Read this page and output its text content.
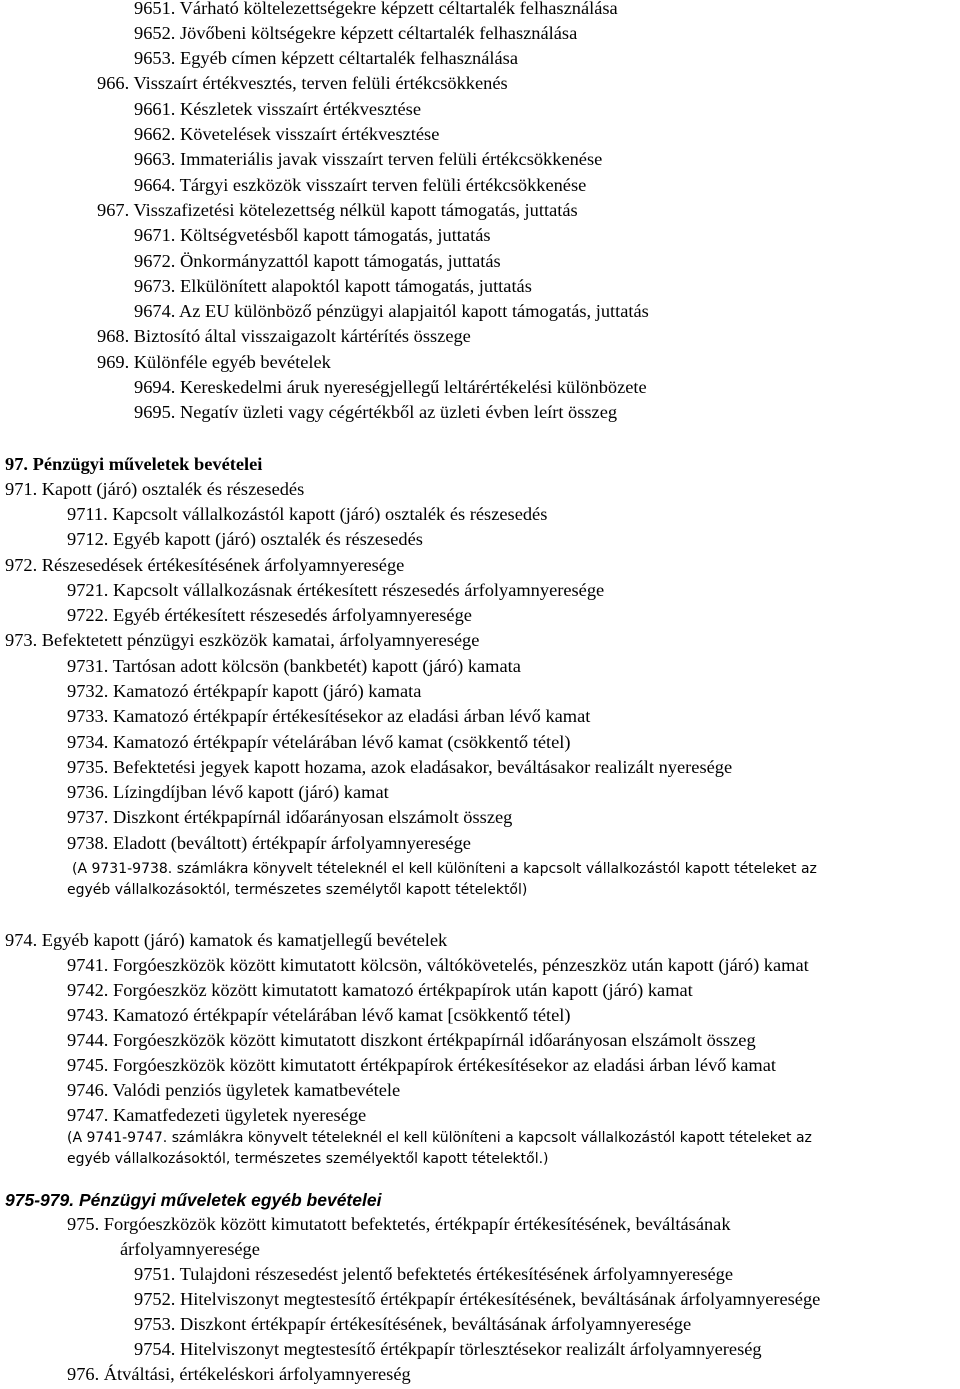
9651. Várható költelezettségekre képzett céltartalék felhasználása
9652. Jövőbeni költségekre képzett céltartalék felhasználása
9653. Egyéb címen képzett céltartalék felhasználása
966. Visszaírt értékvesztés, terven felüli értékcsökkenés
9661. Készletek visszaírt értékvesztése
9662. Követelések visszaírt értékvesztése
9663. Immateriális javak visszaírt terven felüli értékcsökkenése
9664. Tárgyi eszközök visszaírt terven felüli értékcsökkenése
967. Visszafizetési kötelezettség nélkül kapott támogatás, juttatás
9671. Költségvetésből kapott támogatás, juttatás
9672. Önkormányzattól kapott támogatás, juttatás
9673. Elkülönített alapoktól kapott támogatás, juttatás
9674. Az EU különböző pénzügyi alapjaitól kapott támogatás, juttatás
968. Biztosító által visszaigazolt kártérítés összege
969. Különféle egyéb bevételek
9694. Kereskedelmi áruk nyereségjellegű leltárértékelési különbözete
9695. Negatív üzleti vagy cégértékből az üzleti évben leírt összeg
97. Pénzügyi műveletek bevételei
971. Kapott (járó) osztalék és részesedés
9711. Kapcsolt vállalkozástól kapott (járó) osztalék és részesedés
9712. Egyéb kapott (járó) osztalék és részesedés
972. Részesedések értékesítésének árfolyamnyeresége
9721. Kapcsolt vállalkozásnak értékesített részesedés árfolyamnyeresége
9722. Egyéb értékesített részesedés árfolyamnyeresége
973. Befektetett pénzügyi eszközök kamatai, árfolyamnyeresége
9731. Tartósan adott kölcsön (bankbetét) kapott (járó) kamata
9732. Kamatozó értékpapír kapott (járó) kamata
9733. Kamatozó értékpapír értékesítésekor az eladási árban lévő kamat
9734. Kamatozó értékpapír vételárában lévő kamat (csökkentő tétel)
9735. Befektetési jegyek kapott hozama, azok eladásakor, beváltásakor realizált nyeresége
9736. Lízingdíjban lévő kapott (járó) kamat
9737. Diszkont értékpapírnál időarányosan elszámolt összeg
9738. Eladott (beváltott) értékpapír árfolyamnyeresége
(A 9731-9738. számlákra könyvelt tételeknél el kell különíteni a kapcsolt vállalkozástól kapott tételeket az
egyéb vállalkozásoktól, természetes személytől kapott tételektől)
974. Egyéb kapott (járó) kamatok és kamatjellegű bevételek
9741. Forgóeszközök között kimutatott kölcsön, váltókövetelés, pénzeszköz után kapott (járó) kamat
9742. Forgóeszköz között kimutatott kamatozó értékpapírok után kapott (járó) kamat
9743. Kamatozó értékpapír vételárában lévő kamat [csökkentő tétel)
9744. Forgóeszközök között kimutatott diszkont értékpapírnál időarányosan elszámolt összeg
9745. Forgóeszközök között kimutatott értékpapírok értékesítésekor az eladási árban lévő kamat
9746. Valódi penziós ügyletek kamatbevétele
9747. Kamatfedezeti ügyletek nyeresége
(A 9741-9747. számlákra könyvelt tételeknél el kell különíteni a kapcsolt vállalkozástól kapott tételeket az
egyéb vállalkozásoktól, természetes személyektől kapott tételektől.)
975-979. Pénzügyi műveletek egyéb bevételei
975. Forgóeszközök között kimutatott befektetés, értékpapír értékesítésének, beváltásának
árfolyamnyeresége
9751. Tulajdoni részesedést jelentő befektetés értékesítésének árfolyamnyeresége
9752. Hitelviszonyt megtestesítő értékpapír értékesítésének, beváltásának árfolyamnyeresége
9753. Diszkont értékpapír értékesítésének, beváltásának árfolyamnyeresége
9754. Hitelviszonyt megtestesítő értékpapír törlesztésekor realizált árfolyamnyereség
976. Átváltási, értékeléskori árfolyamnyereség
